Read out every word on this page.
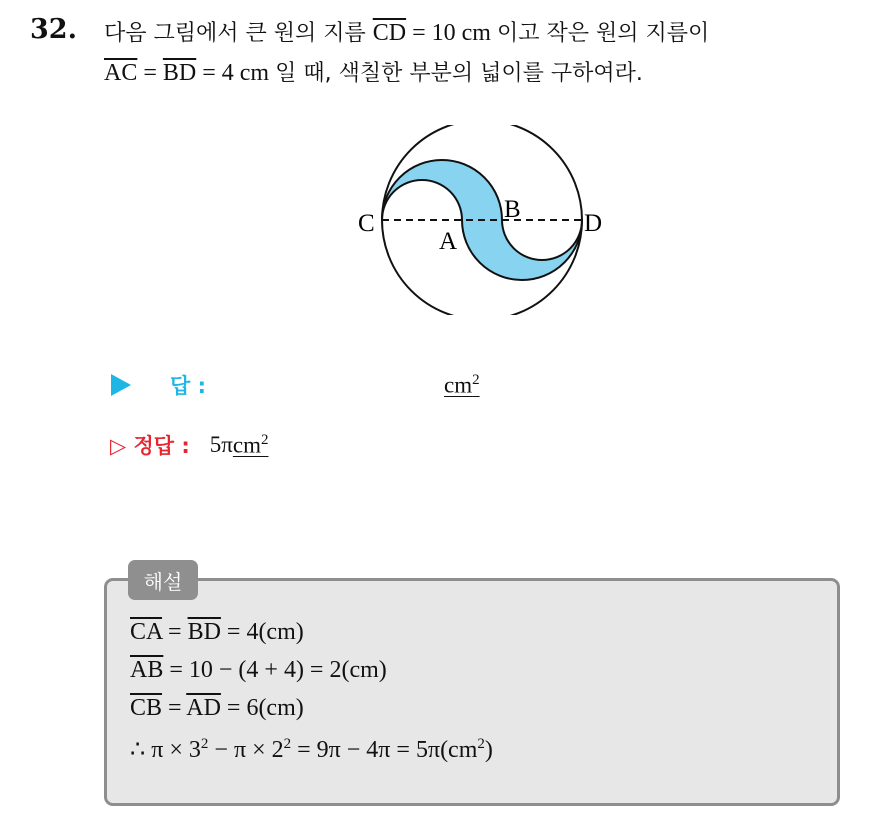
32. 다음 그림에서 큰 원의 지름 $\overline{CD} = 10$ cm 이고 작은 원의 지름이
$\overline{AC} = \overline{BD} = 4$ cm 일 때, 색칠한 부분의 넓이를 구하여라.
C	D
A
B
답 :	$cm^2$
▷ 정답 : 5π $cm^2$
해설
$\overline{CA} = \overline{BD} = 4(cm)$
$\overline{AB} = 10 - (4 + 4) = 2(cm)$
$\overline{CB} = \overline{AD} = 6(cm)$
∴ $\pi \times 3^2 - \pi \times 2^2 = 9\pi - 4\pi = 5\pi(cm^2)$
